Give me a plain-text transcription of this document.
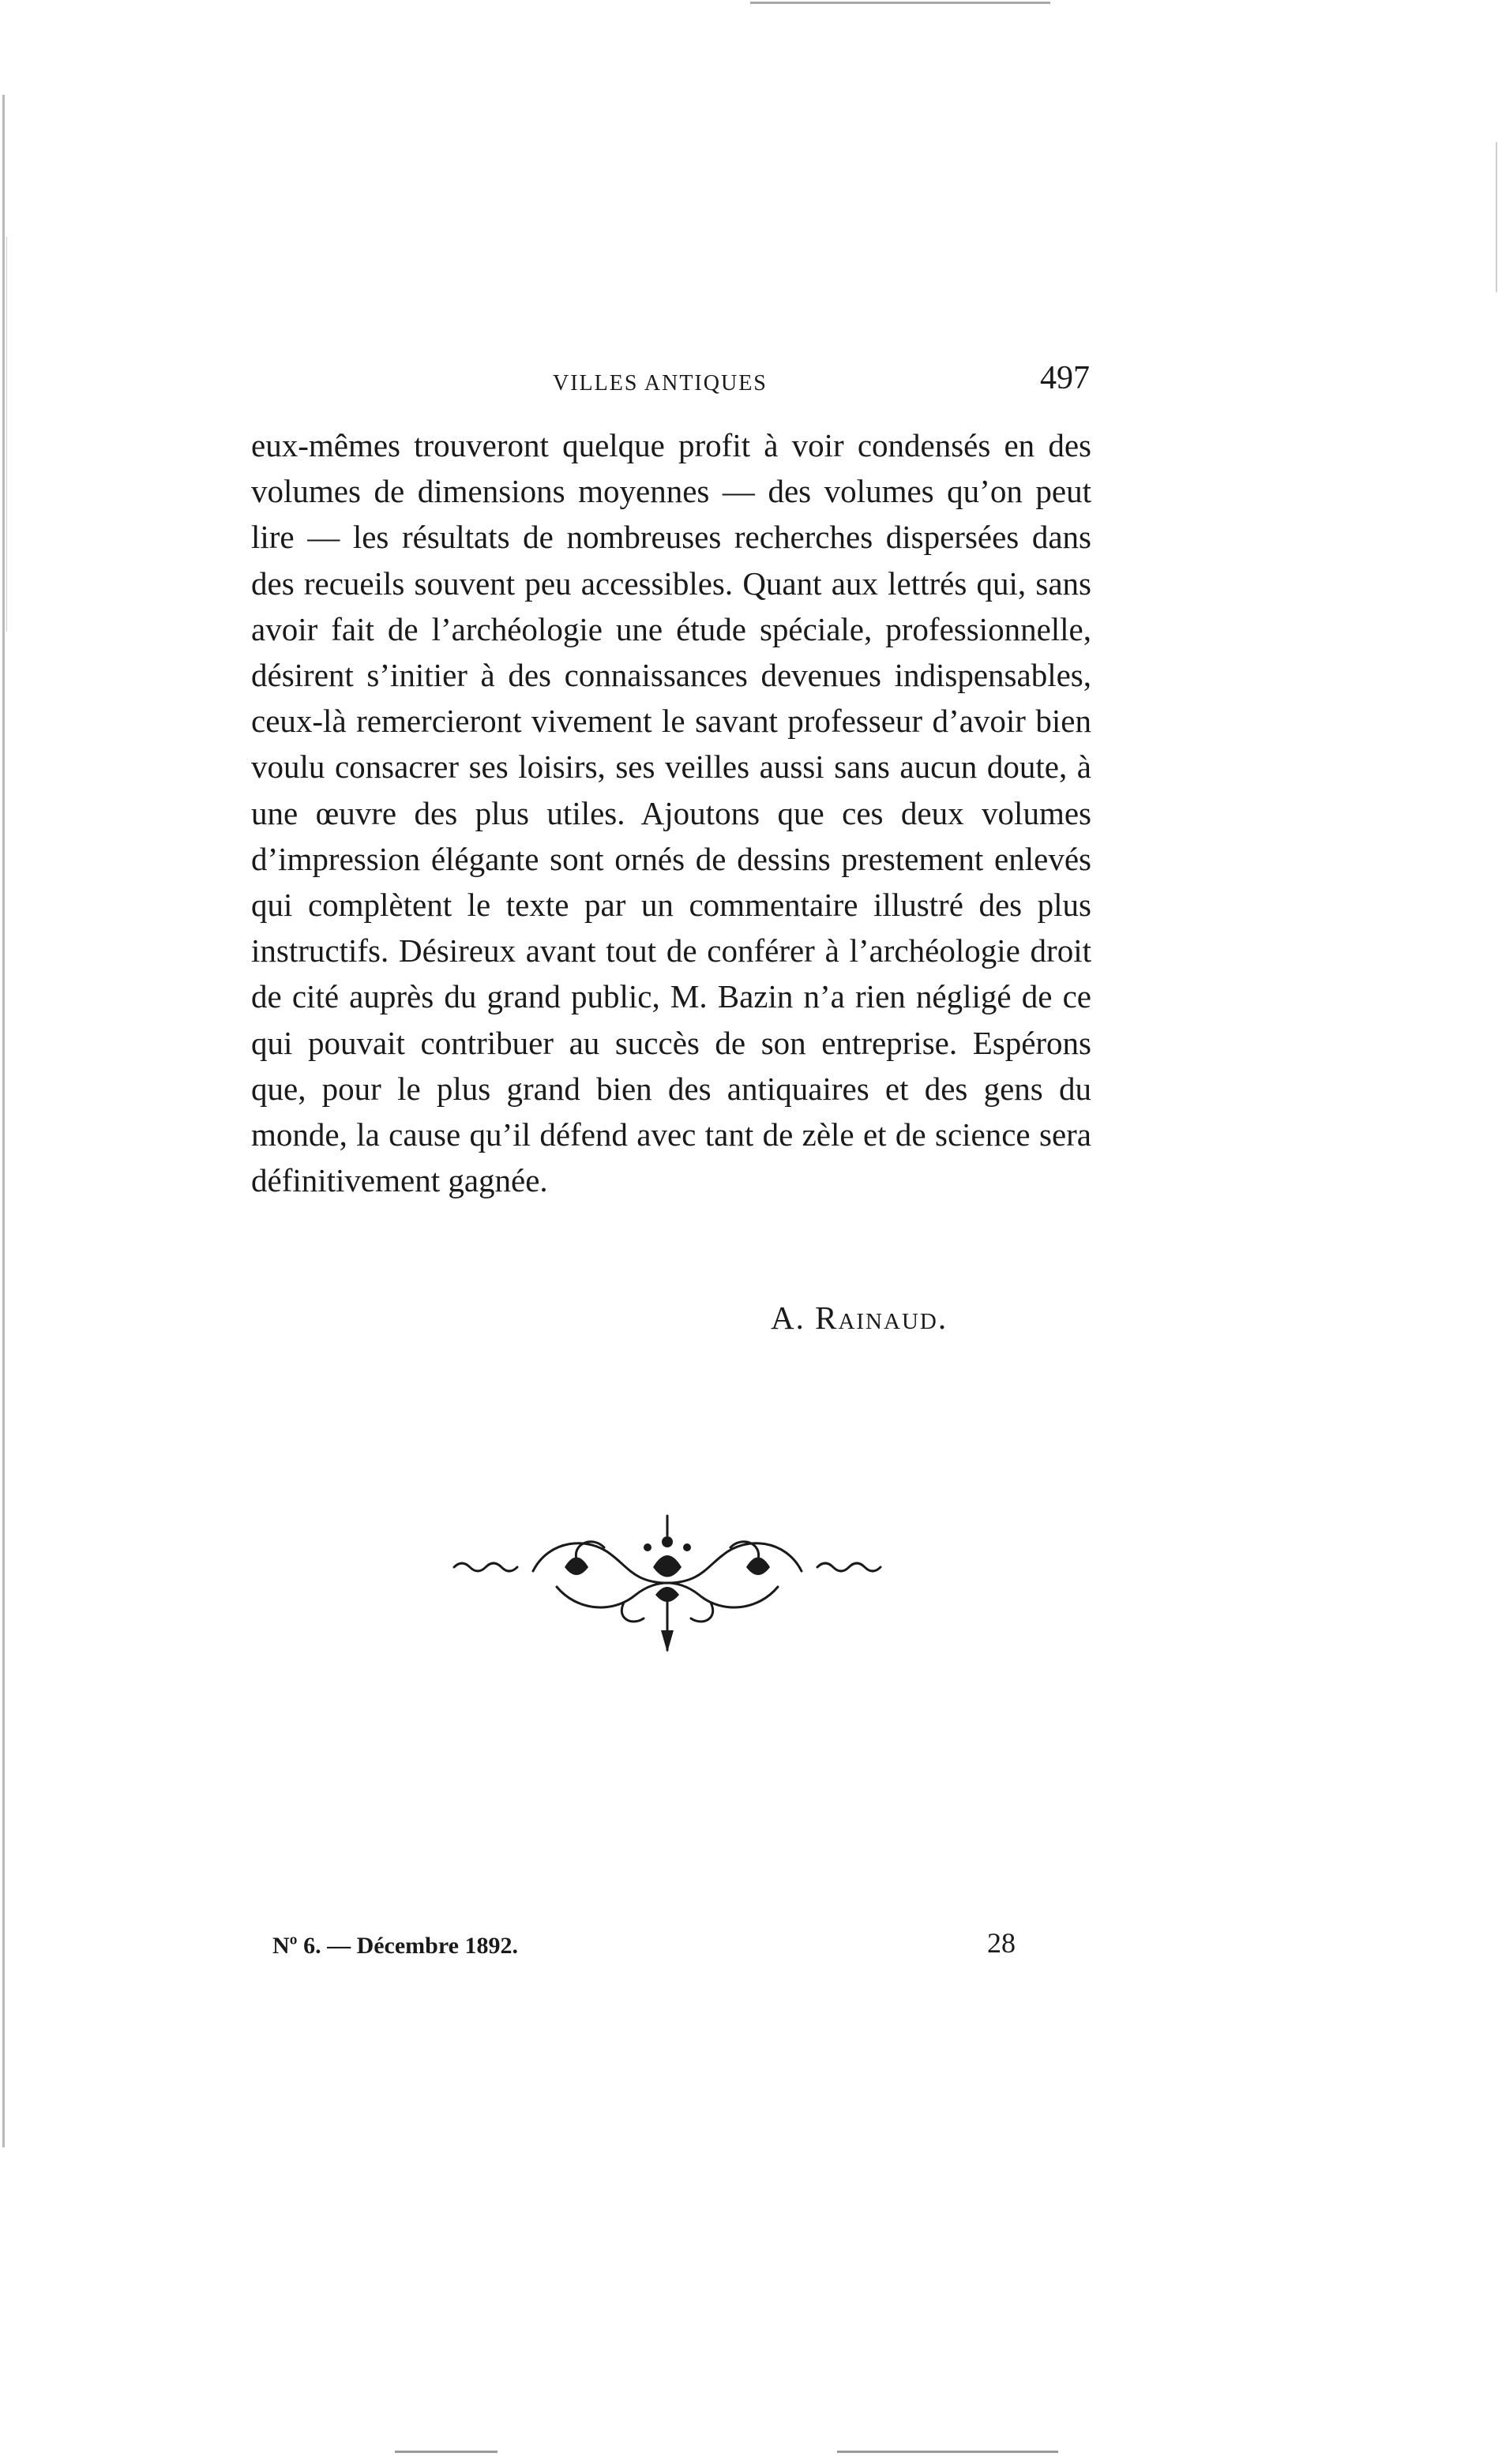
VILLES ANTIQUES	497
eux-mêmes trouveront quelque profit à voir condensés en des volumes de dimensions moyennes — des volumes qu’on peut lire — les résultats de nombreuses recherches dispersées dans des recueils souvent peu accessibles. Quant aux lettrés qui, sans avoir fait de l’archéologie une étude spéciale, professionnelle, désirent s’initier à des connaissances devenues indispensables, ceux-là remercieront vivement le savant professeur d’avoir bien voulu consacrer ses loisirs, ses veilles aussi sans aucun doute, à une œuvre des plus utiles. Ajoutons que ces deux volumes d’impression élégante sont ornés de dessins prestement enlevés qui complètent le texte par un commentaire illustré des plus instructifs. Désireux avant tout de conférer à l’archéologie droit de cité auprès du grand public, M. Bazin n’a rien négligé de ce qui pouvait contribuer au succès de son entreprise. Espérons que, pour le plus grand bien des antiquaires et des gens du monde, la cause qu’il défend avec tant de zèle et de science sera définitivement gagnée.
A. Rainaud.
Nº 6. — Décembre 1892.	28
